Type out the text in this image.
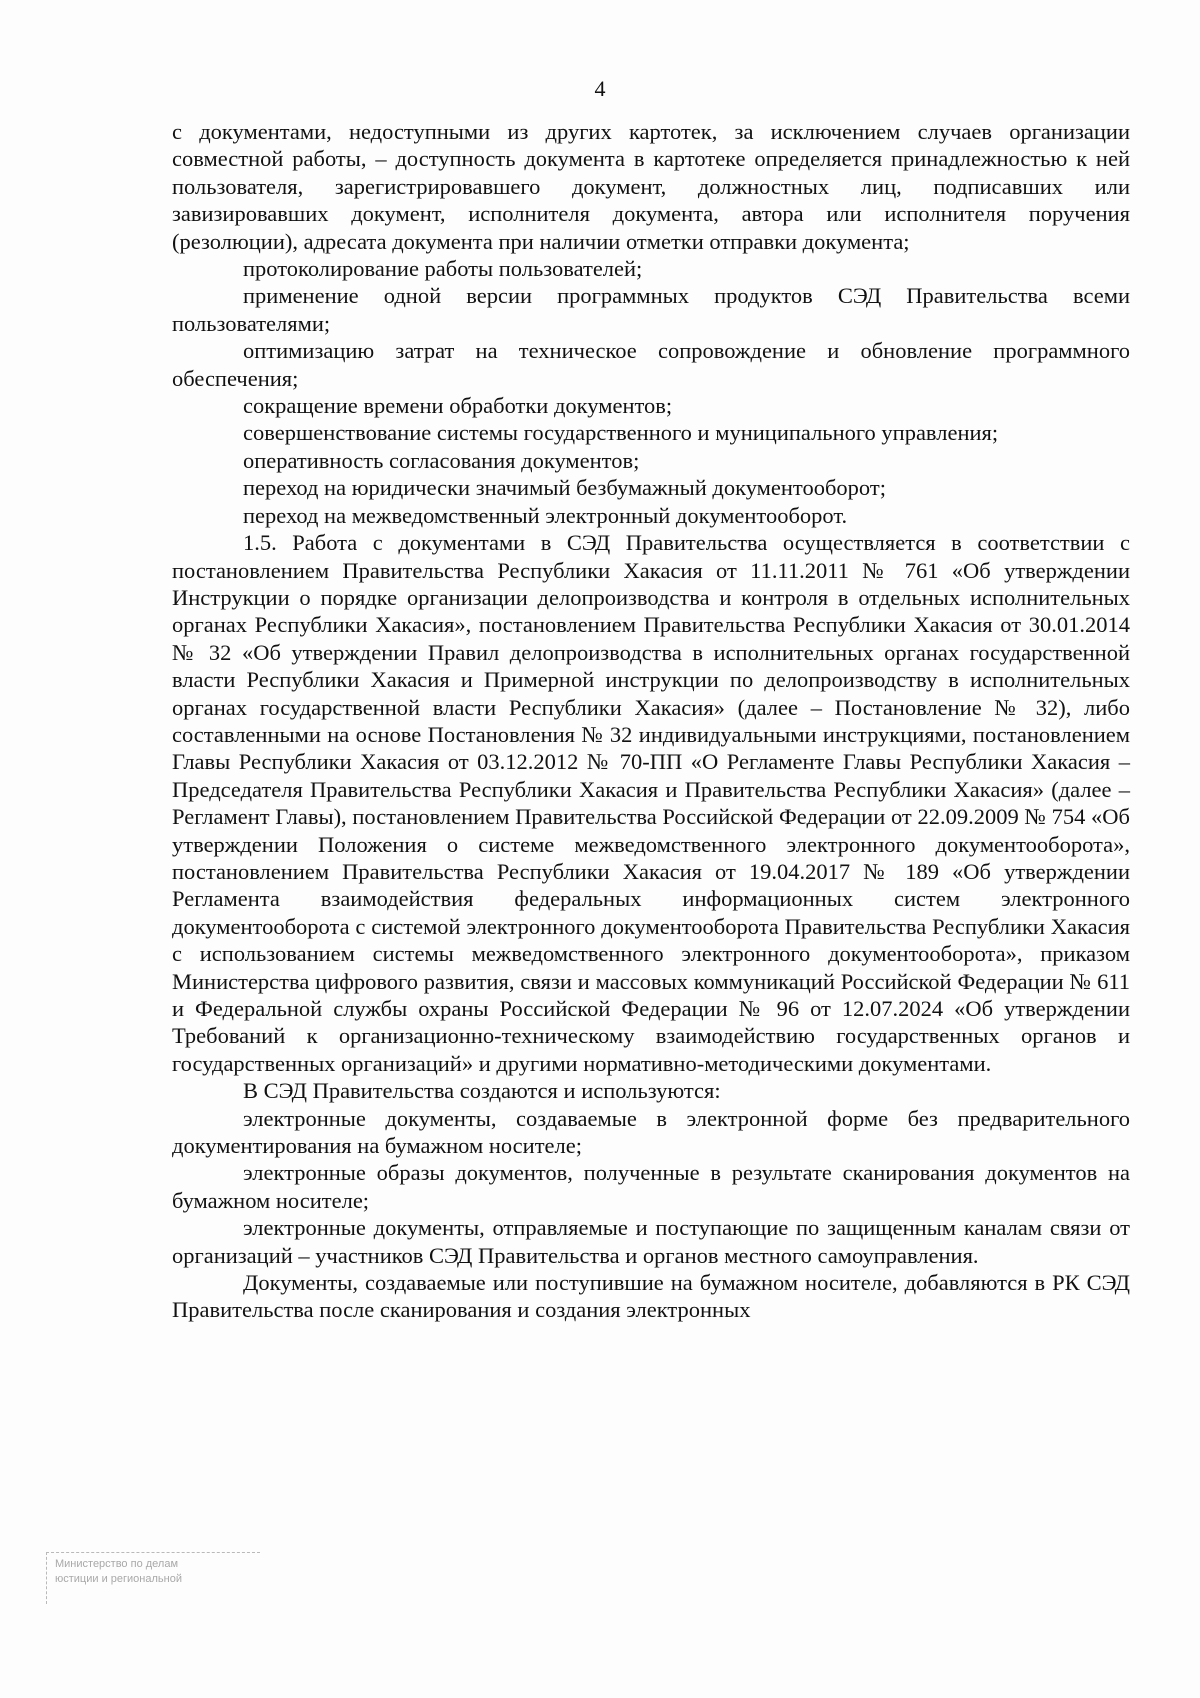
4

с документами, недоступными из других картотек, за исключением случаев организации совместной работы, – доступность документа в картотеке определяется принадлежностью к ней пользователя, зарегистрировавшего документ, должностных лиц, подписавших или завизировавших документ, исполнителя документа, автора или исполнителя поручения (резолюции), адресата документа при наличии отметки отправки документа;

протоколирование работы пользователей;

применение одной версии программных продуктов СЭД Правительства всеми пользователями;

оптимизацию затрат на техническое сопровождение и обновление программного обеспечения;

сокращение времени обработки документов;

совершенствование системы государственного и муниципального управления;

оперативность согласования документов;

переход на юридически значимый безбумажный документооборот;

переход на межведомственный электронный документооборот.

1.5. Работа с документами в СЭД Правительства осуществляется в соответствии с постановлением Правительства Республики Хакасия от 11.11.2011 № 761 «Об утверждении Инструкции о порядке организации делопроизводства и контроля в отдельных исполнительных органах Республики Хакасия», постановлением Правительства Республики Хакасия от 30.01.2014 № 32 «Об утверждении Правил делопроизводства в исполнительных органах государственной власти Республики Хакасия и Примерной инструкции по делопроизводству в исполнительных органах государственной власти Республики Хакасия» (далее – Постановление № 32), либо составленными на основе Постановления № 32 индивидуальными инструкциями, постановлением Главы Республики Хакасия от 03.12.2012 № 70-ПП «О Регламенте Главы Республики Хакасия – Председателя Правительства Республики Хакасия и Правительства Республики Хакасия» (далее – Регламент Главы), постановлением Правительства Российской Федерации от 22.09.2009 № 754 «Об утверждении Положения о системе межведомственного электронного документооборота», постановлением Правительства Республики Хакасия от 19.04.2017 № 189 «Об утверждении Регламента взаимодействия федеральных информационных систем электронного документооборота с системой электронного документооборота Правительства Республики Хакасия с использованием системы межведомственного электронного документооборота», приказом Министерства цифрового развития, связи и массовых коммуникаций Российской Федерации № 611 и Федеральной службы охраны Российской Федерации № 96 от 12.07.2024 «Об утверждении Требований к организационно-техническому взаимодействию государственных органов и государственных организаций» и другими нормативно-методическими документами.

В СЭД Правительства создаются и используются:

электронные документы, создаваемые в электронной форме без предварительного документирования на бумажном носителе;

электронные образы документов, полученные в результате сканирования документов на бумажном носителе;

электронные документы, отправляемые и поступающие по защищенным каналам связи от организаций – участников СЭД Правительства и органов местного самоуправления.

Документы, создаваемые или поступившие на бумажном носителе, добавляются в РК СЭД Правительства после сканирования и создания электронных

Министерство по делам
юстиции и региональной
